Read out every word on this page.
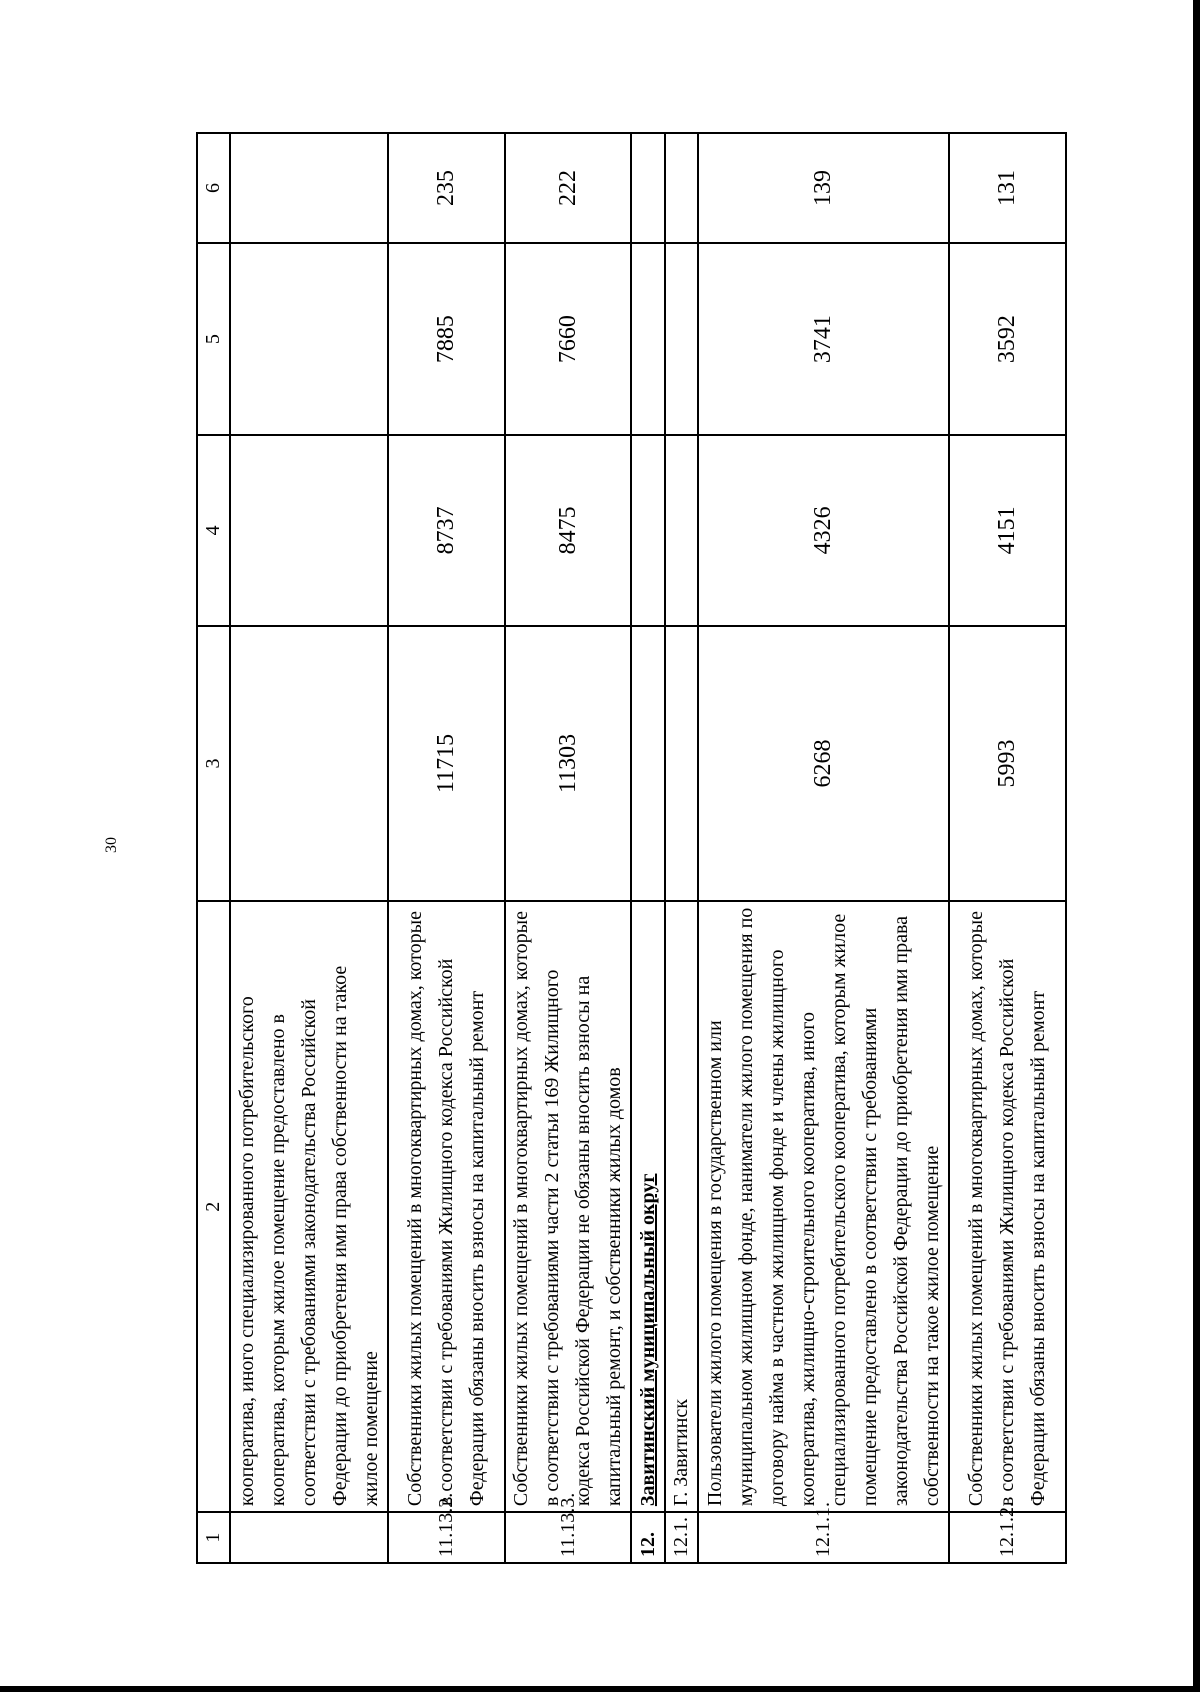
30
1	2	3	4	5	6
	кооператива, иного специализированного потребительского кооператива, которым жилое помещение предоставлено в соответствии с требованиями законодательства Российской Федерации до приобретения ими права собственности на такое жилое помещение				
11.13.2.	Собственники жилых помещений в многоквартирных домах, которые в соответствии с требованиями Жилищного кодекса Российской Федерации обязаны вносить взносы на капитальный ремонт	11715	8737	7885	235
11.13.3.	Собственники жилых помещений в многоквартирных домах, которые в соответствии с требованиями части 2 статьи 169 Жилищного кодекса Российской Федерации не обязаны вносить взносы на капитальный ремонт, и собственники жилых домов	11303	8475	7660	222
12.	Завитинский муниципальный округ				
12.1.	Г. Завитинск				
12.1.1.	Пользователи жилого помещения в государственном или муниципальном жилищном фонде, наниматели жилого помещения по договору найма в частном жилищном фонде и члены жилищного кооператива, жилищно-строительного кооператива, иного специализированного потребительского кооператива, которым жилое помещение предоставлено в соответствии с требованиями законодательства Российской Федерации до приобретения ими права собственности на такое жилое помещение	6268	4326	3741	139
12.1.2.	Собственники жилых помещений в многоквартирных домах, которые в соответствии с требованиями Жилищного кодекса Российской Федерации обязаны вносить взносы на капитальный ремонт	5993	4151	3592	131
